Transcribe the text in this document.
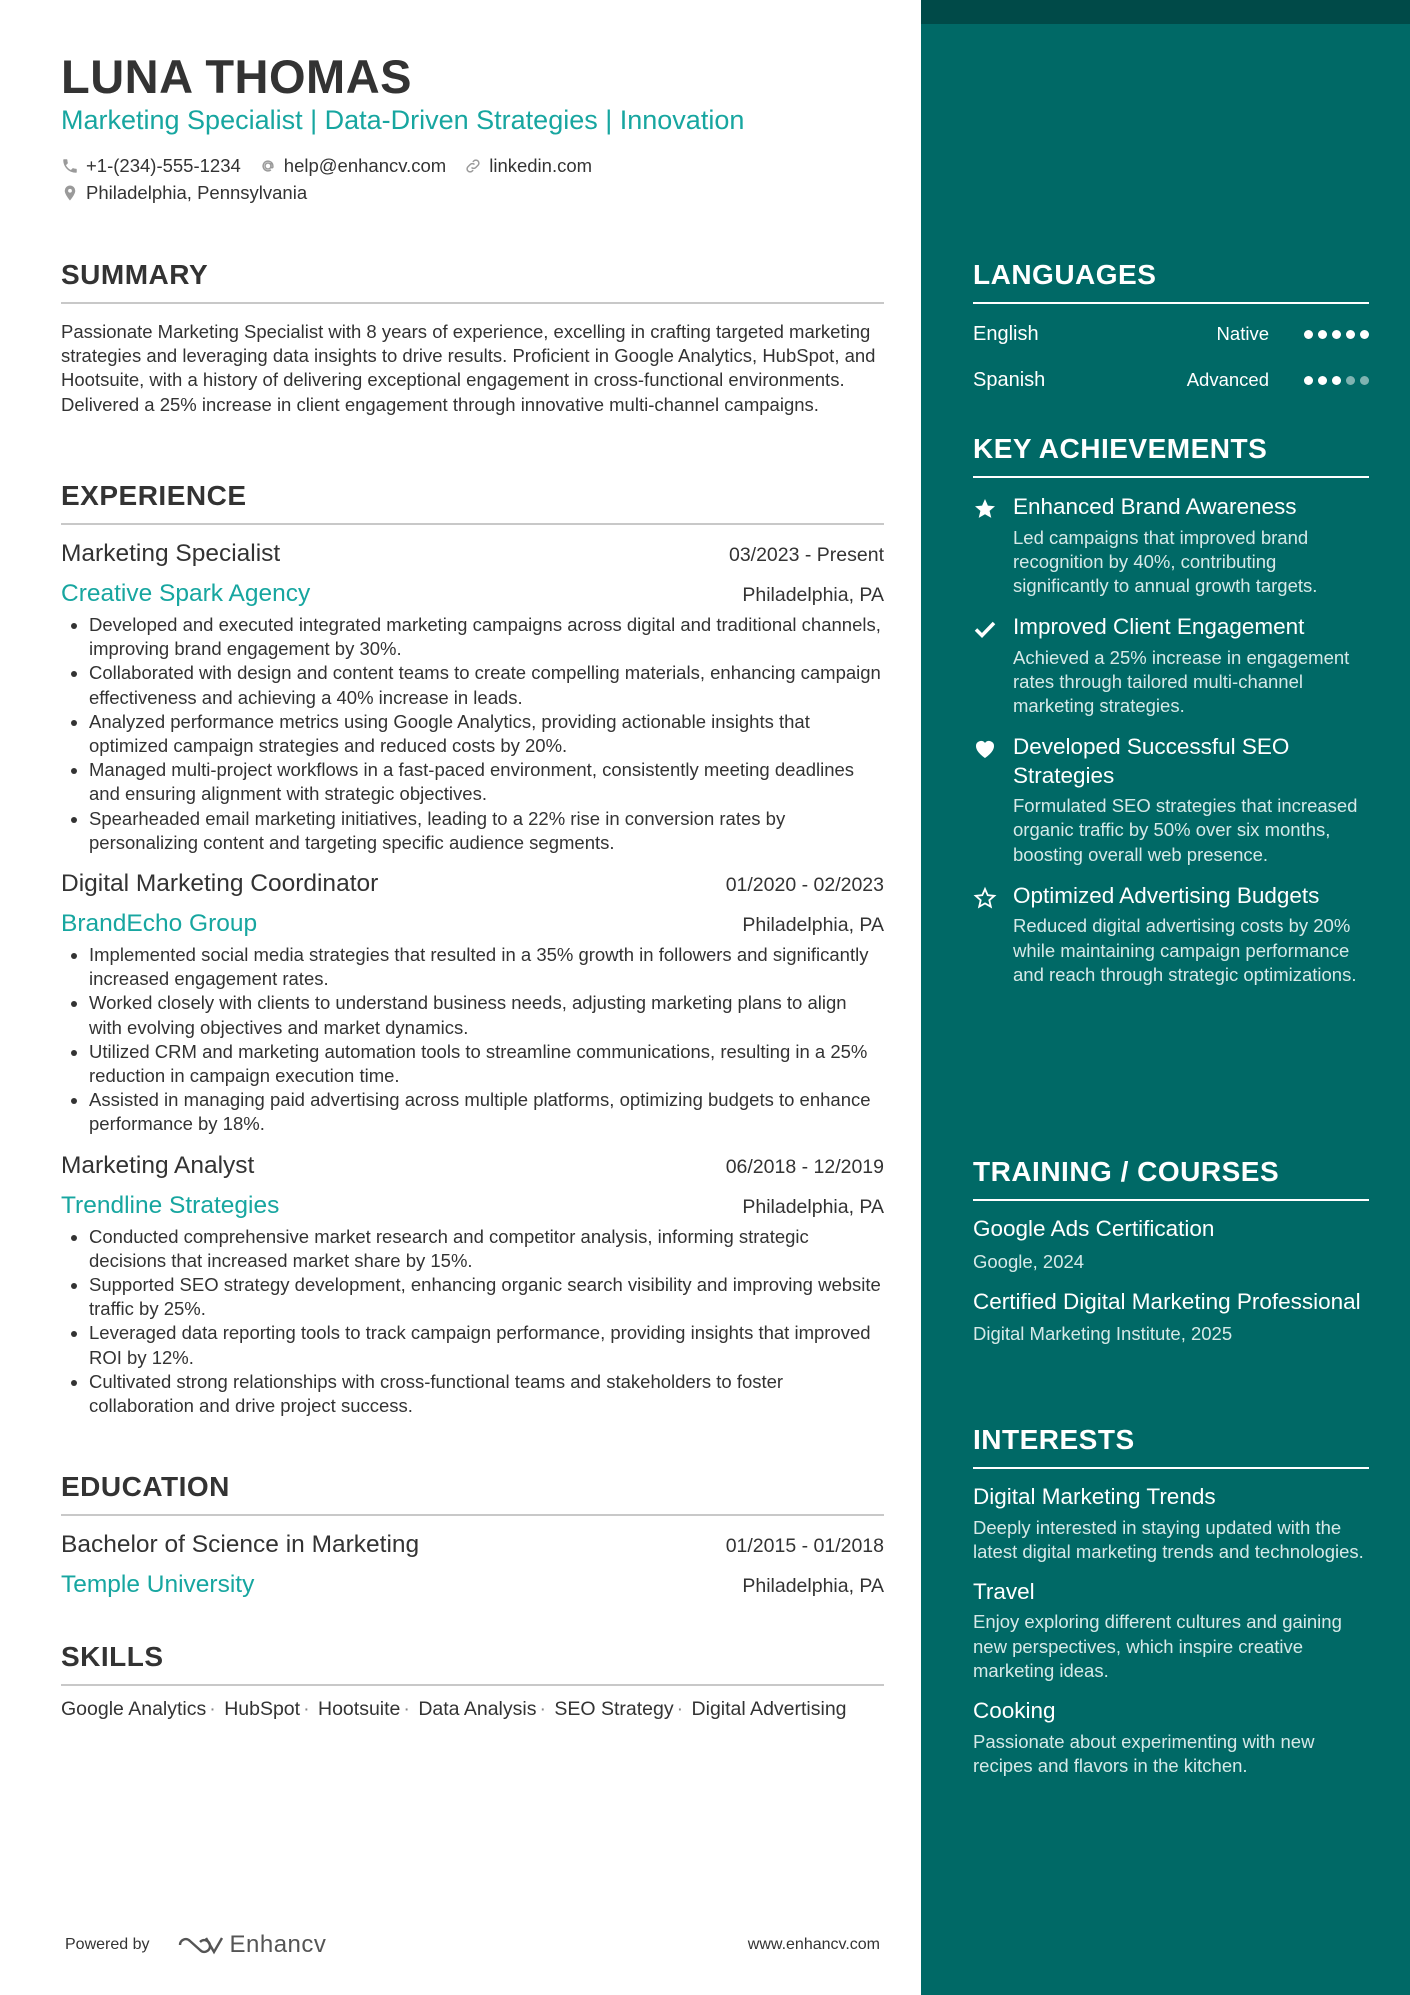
LUNA THOMAS
Marketing Specialist | Data-Driven Strategies | Innovation
+1-(234)-555-1234 help@enhancv.com linkedin.com
Philadelphia, Pennsylvania
SUMMARY

Passionate Marketing Specialist with 8 years of experience, excelling in crafting targeted marketing strategies and leveraging data insights to drive results. Proficient in Google Analytics, HubSpot, and Hootsuite, with a history of delivering exceptional engagement in cross-functional environments. Delivered a 25% increase in client engagement through innovative multi-channel campaigns.

EXPERIENCE
Marketing Specialist	03/2023 - Present
Creative Spark Agency	Philadelphia, PA
Developed and executed integrated marketing campaigns across digital and traditional channels, improving brand engagement by 30%.
Collaborated with design and content teams to create compelling materials, enhancing campaign effectiveness and achieving a 40% increase in leads.
Analyzed performance metrics using Google Analytics, providing actionable insights that optimized campaign strategies and reduced costs by 20%.
Managed multi-project workflows in a fast-paced environment, consistently meeting deadlines and ensuring alignment with strategic objectives.
Spearheaded email marketing initiatives, leading to a 22% rise in conversion rates by personalizing content and targeting specific audience segments.
Digital Marketing Coordinator	01/2020 - 02/2023
BrandEcho Group	Philadelphia, PA
Implemented social media strategies that resulted in a 35% growth in followers and significantly increased engagement rates.
Worked closely with clients to understand business needs, adjusting marketing plans to align with evolving objectives and market dynamics.
Utilized CRM and marketing automation tools to streamline communications, resulting in a 25% reduction in campaign execution time.
Assisted in managing paid advertising across multiple platforms, optimizing budgets to enhance performance by 18%.
Marketing Analyst	06/2018 - 12/2019
Trendline Strategies	Philadelphia, PA
Conducted comprehensive market research and competitor analysis, informing strategic decisions that increased market share by 15%.
Supported SEO strategy development, enhancing organic search visibility and improving website traffic by 25%.
Leveraged data reporting tools to track campaign performance, providing insights that improved ROI by 12%.
Cultivated strong relationships with cross-functional teams and stakeholders to foster collaboration and drive project success.
EDUCATION
Bachelor of Science in Marketing	01/2015 - 01/2018
Temple University	Philadelphia, PA
SKILLS
Google Analytics · HubSpot · Hootsuite · Data Analysis · SEO Strategy · Digital Advertising
Powered by	Enhancv	www.enhancv.com
LANGUAGES
English	Native
Spanish	Advanced
KEY ACHIEVEMENTS
Enhanced Brand Awareness
Led campaigns that improved brand recognition by 40%, contributing significantly to annual growth targets.
Improved Client Engagement
Achieved a 25% increase in engagement rates through tailored multi-channel marketing strategies.
Developed Successful SEO Strategies
Formulated SEO strategies that increased organic traffic by 50% over six months, boosting overall web presence.
Optimized Advertising Budgets
Reduced digital advertising costs by 20% while maintaining campaign performance and reach through strategic optimizations.
TRAINING / COURSES
Google Ads Certification
Google, 2024
Certified Digital Marketing Professional
Digital Marketing Institute, 2025
INTERESTS
Digital Marketing Trends
Deeply interested in staying updated with the latest digital marketing trends and technologies.
Travel
Enjoy exploring different cultures and gaining new perspectives, which inspire creative marketing ideas.
Cooking
Passionate about experimenting with new recipes and flavors in the kitchen.
